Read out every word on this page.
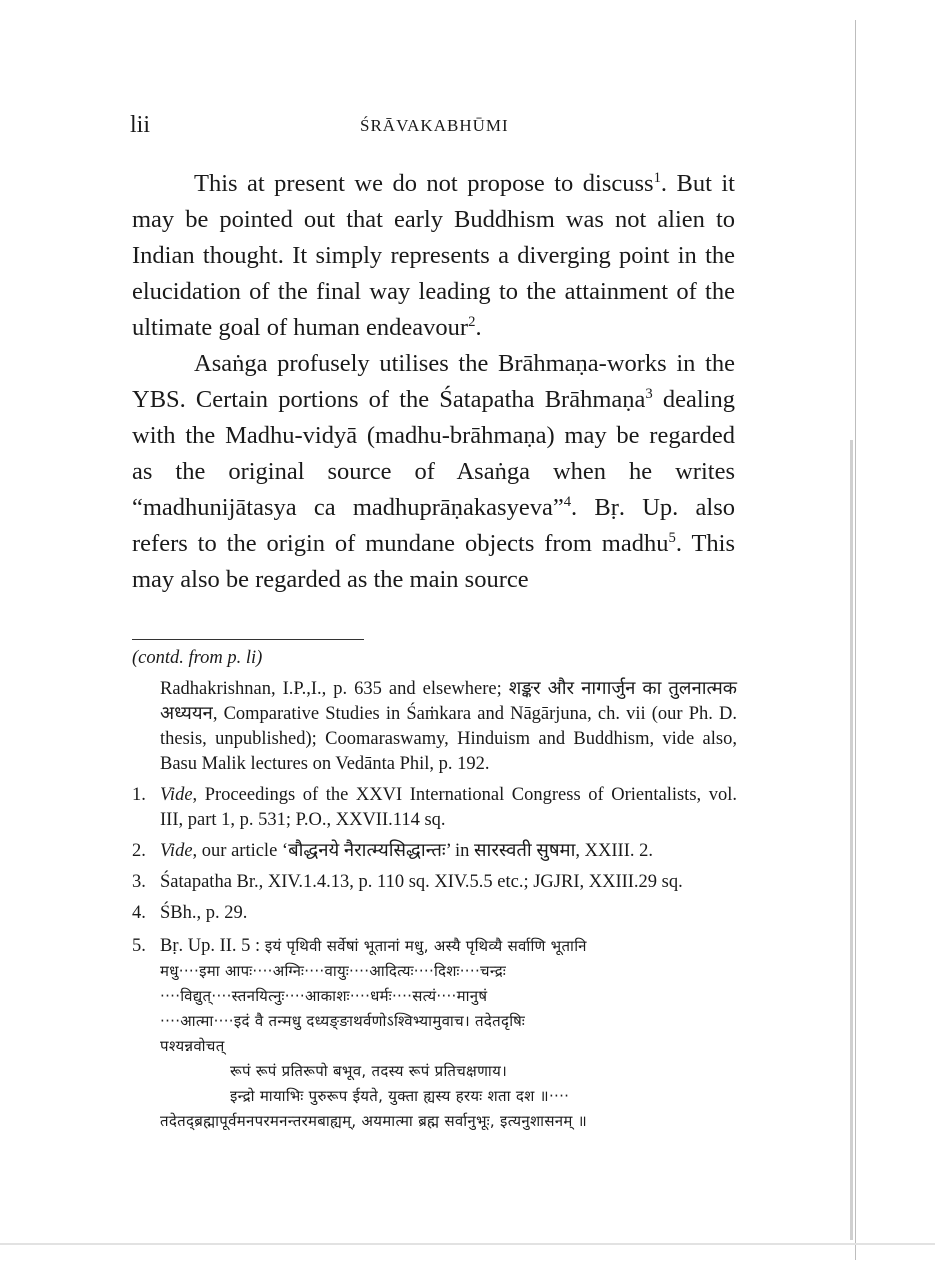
lii	ŚRĀVAKABHŪMI

This at present we do not propose to discuss$^1$. But it may be pointed out that early Buddhism was not alien to Indian thought. It simply represents a diverging point in the elucidation of the final way leading to the attainment of the ultimate goal of human endeavour$^2$.

Asaṅga profusely utilises the Brāhmaṇa-works in the YBS. Certain portions of the Śatapatha Brāhmaṇa$^3$ dealing with the Madhu-vidyā (madhu-brāhmaṇa) may be regarded as the original source of Asaṅga when he writes “madhunijātasya ca madhuprāṇakasyeva”$^4$. Bṛ. Up. also refers to the origin of mundane objects from madhu$^5$. This may also be regarded as the main source

(contd. from p. li)

Radhakrishnan, I.P.,I., p. 635 and elsewhere; शङ्कर और नागार्जुन का तुलनात्मक अध्ययन, Comparative Studies in Śaṁkara and Nāgārjuna, ch. vii (our Ph. D. thesis, unpublished); Coomaraswamy, Hinduism and Buddhism, vide also, Basu Malik lectures on Vedānta Phil, p. 192.

1. Vide, Proceedings of the XXVI International Congress of Orientalists, vol. III, part 1, p. 531; P.O., XXVII.114 sq.
2. Vide, our article ‘बौद्धनये नैरात्म्यसिद्धान्तः’ in सारस्वती सुषमा, XXIII. 2.
3. Śatapatha Br., XIV.1.4.13, p. 110 sq. XIV.5.5 etc.; JGJRI, XXIII.29 sq.
4. ŚBh., p. 29.
5. Bṛ. Up. II. 5 : इयं पृथिवी सर्वेषां भूतानां मधु, अस्यै पृथिव्यै सर्वाणि भूतानि
मधु····इमा आपः····अग्निः····वायुः····आदित्यः····दिशः····चन्द्रः
····विद्युत्····स्तनयित्नुः····आकाशः····धर्मः····सत्यं····मानुषं
····आत्मा····इदं वै तन्मधु दध्यङ्ङाथर्वणोऽश्विभ्यामुवाच। तदेतदृषिः
पश्यन्नवोचत्
रूपं रूपं प्रतिरूपो बभूव, तदस्य रूपं प्रतिचक्षणाय।
इन्द्रो मायाभिः पुरुरूप ईयते, युक्ता ह्यस्य हरयः शता दश ॥····
तदेतद्ब्रह्मापूर्वमनपरमनन्तरमबाह्यम्, अयमात्मा ब्रह्म सर्वानुभूः, इत्यनुशासनम् ॥
